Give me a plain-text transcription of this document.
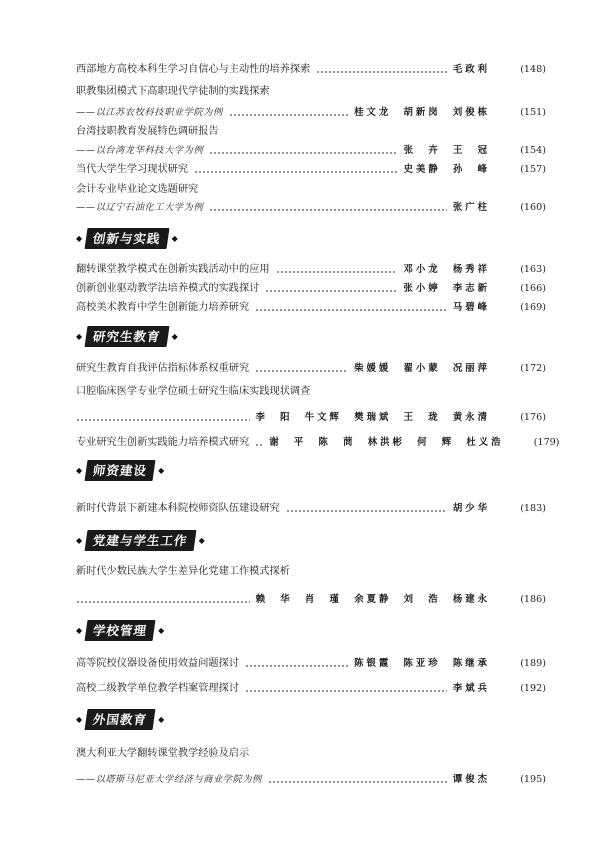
西部地方高校本科生学习自信心与主动性的培养探索	毛政利	(148)
职教集团模式下高职现代学徒制的实践探索
——以江苏农牧科技职业学院为例	桂文龙 胡新岗 刘俊栋	(151)
台湾技职教育发展特色调研报告
——以台湾龙华科技大学为例	张 卉 王 冠	(154)
当代大学生学习现状研究	史美静 孙 峰	(157)
会计专业毕业论文选题研究
——以辽宁石油化工大学为例	张广柱	(160)
◆ 创新与实践	◆
翻转课堂教学模式在创新实践活动中的应用	邓小龙 杨秀祥	(163)
创新创业驱动教学法培养模式的实践探讨	张小婷 李志新	(166)
高校美术教育中学生创新能力培养研究	马碧峰	(169)
◆ 研究生教育	◆
研究生教育自我评估指标体系权重研究	柴媛媛 翟小蒙 况丽萍	(172)
口腔临床医学专业学位硕士研究生临床实践现状调查
李 阳 牛文辉 樊瑞斌 王 珑 黄永清	(176)
专业研究生创新实践能力培养模式研究 谢 平 陈 茼 林洪彬 何 辉 杜义浩	(179)
◆ 师资建设	◆
新时代背景下新建本科院校师资队伍建设研究	胡少华	(183)
◆ 党建与学生工作	◆
新时代少数民族大学生差异化党建工作模式探析
赖 华 肖 瑾 余夏静 刘 浩 杨建永	(186)
◆ 学校管理	◆
高等院校仪器设备使用效益问题探讨	陈银霞 陈亚珍 陈继承	(189)
高校二级教学单位教学档案管理探讨	李斌兵	(192)
◆ 外国教育	◆
澳大利亚大学翻转课堂教学经验及启示
——以塔斯马尼亚大学经济与商业学院为例	谭俊杰	(195)
